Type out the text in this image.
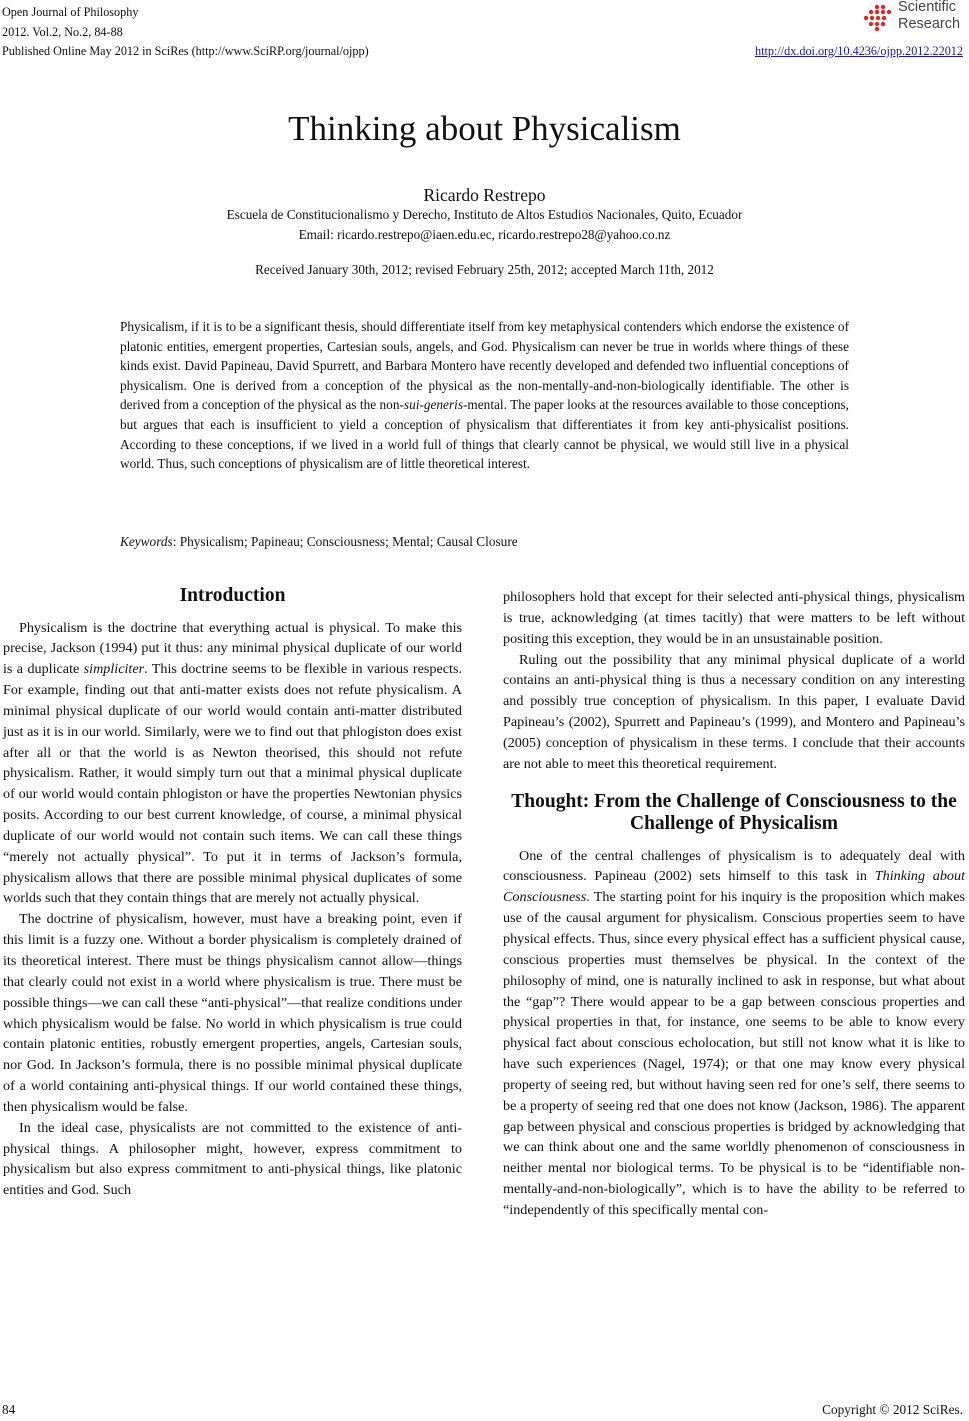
Open Journal of Philosophy
2012. Vol.2, No.2, 84-88
Published Online May 2012 in SciRes (http://www.SciRP.org/journal/ojpp)	http://dx.doi.org/10.4236/ojpp.2012.22012
Scientific
Research
Thinking about Physicalism
Ricardo Restrepo
Escuela de Constitucionalismo y Derecho, Instituto de Altos Estudios Nacionales, Quito, Ecuador
Email: ricardo.restrepo@iaen.edu.ec, ricardo.restrepo28@yahoo.co.nz
Received January 30th, 2012; revised February 25th, 2012; accepted March 11th, 2012
Physicalism, if it is to be a significant thesis, should differentiate itself from key metaphysical contenders which endorse the existence of platonic entities, emergent properties, Cartesian souls, angels, and God. Physicalism can never be true in worlds where things of these kinds exist. David Papineau, David Spurrett, and Barbara Montero have recently developed and defended two influential conceptions of physicalism. One is derived from a conception of the physical as the non-mentally-and-non-biologically identifiable. The other is derived from a conception of the physical as the non-sui-generis-mental. The paper looks at the resources available to those conceptions, but argues that each is insufficient to yield a conception of physicalism that differentiates it from key anti-physicalist positions. According to these conceptions, if we lived in a world full of things that clearly cannot be physical, we would still live in a physical world. Thus, such conceptions of physicalism are of little theoretical interest.
Keywords: Physicalism; Papineau; Consciousness; Mental; Causal Closure
Introduction

Physicalism is the doctrine that everything actual is physical. To make this precise, Jackson (1994) put it thus: any minimal physical duplicate of our world is a duplicate simpliciter. This doctrine seems to be flexible in various respects. For example, finding out that anti-matter exists does not refute physicalism. A minimal physical duplicate of our world would contain anti-matter distributed just as it is in our world. Similarly, were we to find out that phlogiston does exist after all or that the world is as Newton theorised, this should not refute physicalism. Rather, it would simply turn out that a minimal physical duplicate of our world would contain phlogiston or have the properties Newtonian physics posits. According to our best current knowledge, of course, a minimal physical duplicate of our world would not contain such items. We can call these things “merely not actually physical”. To put it in terms of Jackson’s formula, physicalism allows that there are possible minimal physical duplicates of some worlds such that they contain things that are merely not actually physical.

The doctrine of physicalism, however, must have a breaking point, even if this limit is a fuzzy one. Without a border physicalism is completely drained of its theoretical interest. There must be things physicalism cannot allow—things that clearly could not exist in a world where physicalism is true. There must be possible things—we can call these “anti-physical”—that realize conditions under which physicalism would be false. No world in which physicalism is true could contain platonic entities, robustly emergent properties, angels, Cartesian souls, nor God. In Jackson’s formula, there is no possible minimal physical duplicate of a world containing anti-physical things. If our world contained these things, then physicalism would be false.

In the ideal case, physicalists are not committed to the existence of anti-physical things. A philosopher might, however, express commitment to physicalism but also express commitment to anti-physical things, like platonic entities and God. Such

philosophers hold that except for their selected anti-physical things, physicalism is true, acknowledging (at times tacitly) that were matters to be left without positing this exception, they would be in an unsustainable position.

Ruling out the possibility that any minimal physical duplicate of a world contains an anti-physical thing is thus a necessary condition on any interesting and possibly true conception of physicalism. In this paper, I evaluate David Papineau’s (2002), Spurrett and Papineau’s (1999), and Montero and Papineau’s (2005) conception of physicalism in these terms. I conclude that their accounts are not able to meet this theoretical requirement.

Thought: From the Challenge of Consciousness to the Challenge of Physicalism

One of the central challenges of physicalism is to adequately deal with consciousness. Papineau (2002) sets himself to this task in Thinking about Consciousness. The starting point for his inquiry is the proposition which makes use of the causal argument for physicalism. Conscious properties seem to have physical effects. Thus, since every physical effect has a sufficient physical cause, conscious properties must themselves be physical. In the context of the philosophy of mind, one is naturally inclined to ask in response, but what about the “gap”? There would appear to be a gap between conscious properties and physical properties in that, for instance, one seems to be able to know every physical fact about conscious echolocation, but still not know what it is like to have such experiences (Nagel, 1974); or that one may know every physical property of seeing red, but without having seen red for one’s self, there seems to be a property of seeing red that one does not know (Jackson, 1986). The apparent gap between physical and conscious properties is bridged by acknowledging that we can think about one and the same worldly phenomenon of consciousness in neither mental nor biological terms. To be physical is to be “identifiable non-mentally-and-non-biologically”, which is to have the ability to be referred to “independently of this specifically mental con-

84	Copyright © 2012 SciRes.
